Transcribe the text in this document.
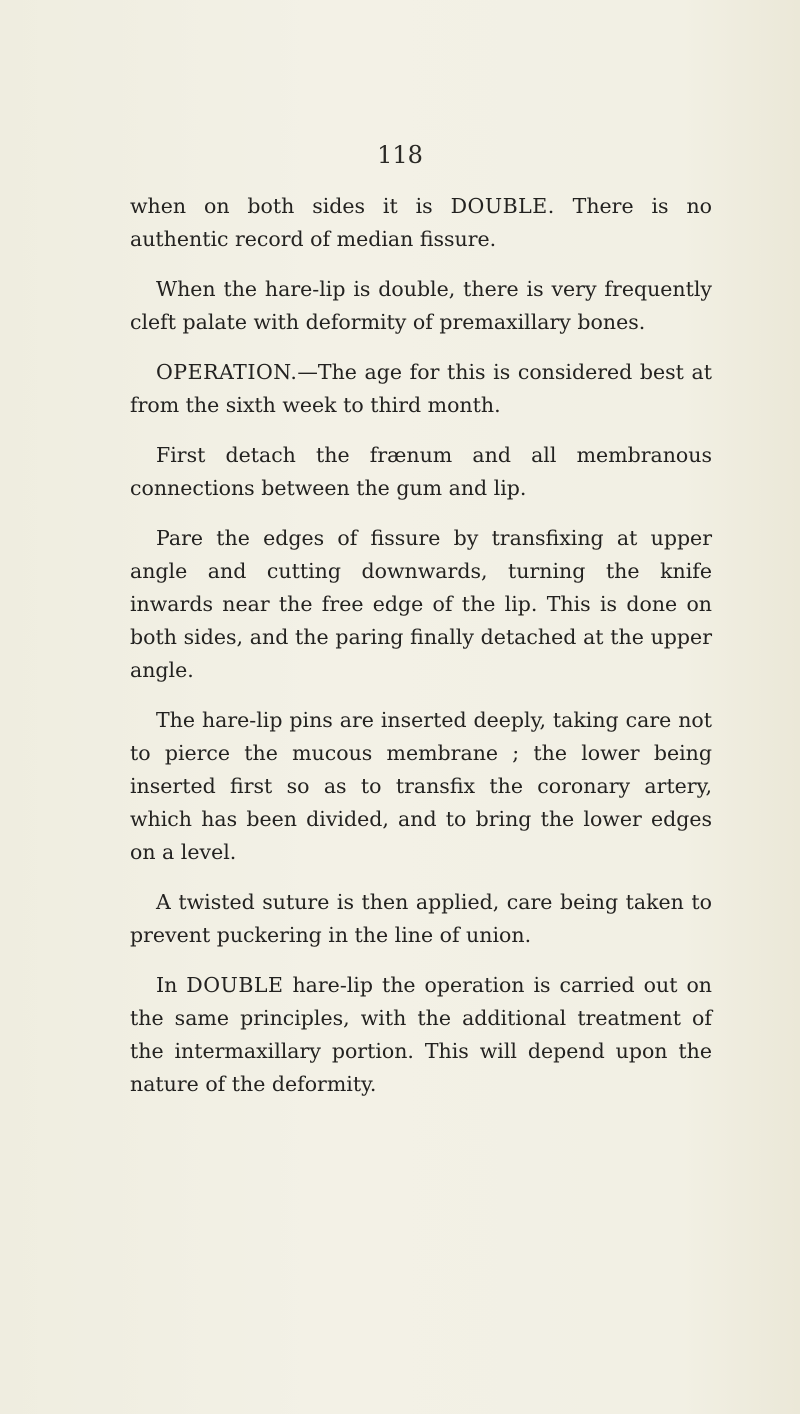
118

when on both sides it is DOUBLE. There is no authentic record of median fissure.

When the hare-lip is double, there is very frequently cleft palate with deformity of premaxillary bones.

OPERATION.—The age for this is considered best at from the sixth week to third month.

First detach the frænum and all membranous connections between the gum and lip.

Pare the edges of fissure by transfixing at upper angle and cutting downwards, turning the knife inwards near the free edge of the lip. This is done on both sides, and the paring finally detached at the upper angle.

The hare-lip pins are inserted deeply, taking care not to pierce the mucous membrane ; the lower being inserted first so as to transfix the coronary artery, which has been divided, and to bring the lower edges on a level.

A twisted suture is then applied, care being taken to prevent puckering in the line of union.

In DOUBLE hare-lip the operation is carried out on the same principles, with the additional treatment of the intermaxillary portion. This will depend upon the nature of the deformity.
